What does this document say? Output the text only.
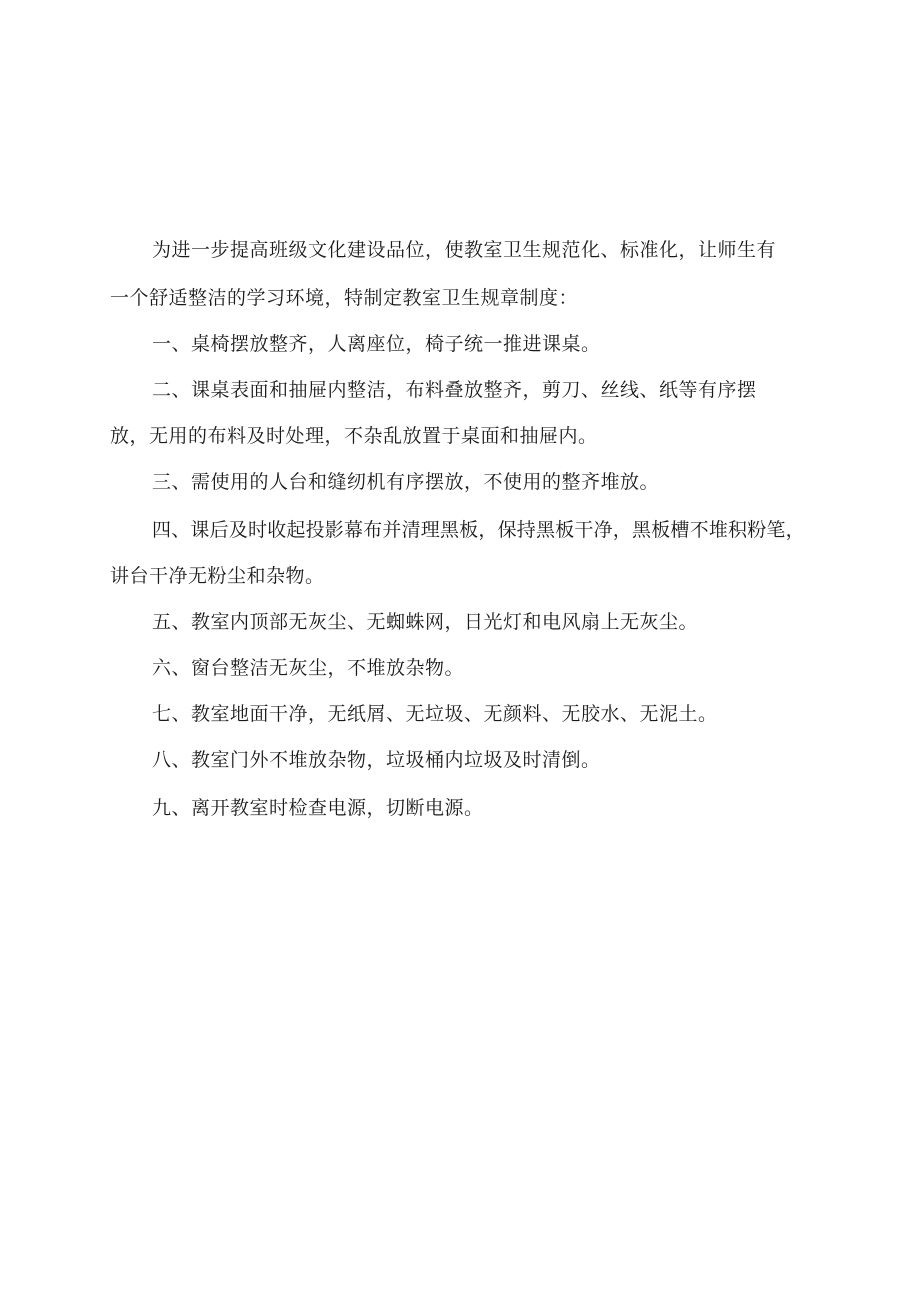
为进一步提高班级文化建设品位，使教室卫生规范化、标准化，让师生有
一个舒适整洁的学习环境，特制定教室卫生规章制度：
一、桌椅摆放整齐，人离座位，椅子统一推进课桌。
二、课桌表面和抽屉内整洁，布料叠放整齐，剪刀、丝线、纸等有序摆
放，无用的布料及时处理，不杂乱放置于桌面和抽屉内。
三、需使用的人台和缝纫机有序摆放，不使用的整齐堆放。
四、课后及时收起投影幕布并清理黑板，保持黑板干净，黑板槽不堆积粉笔，
讲台干净无粉尘和杂物。
五、教室内顶部无灰尘、无蜘蛛网，日光灯和电风扇上无灰尘。
六、窗台整洁无灰尘，不堆放杂物。
七、教室地面干净，无纸屑、无垃圾、无颜料、无胶水、无泥土。
八、教室门外不堆放杂物，垃圾桶内垃圾及时清倒。
九、离开教室时检查电源，切断电源。
